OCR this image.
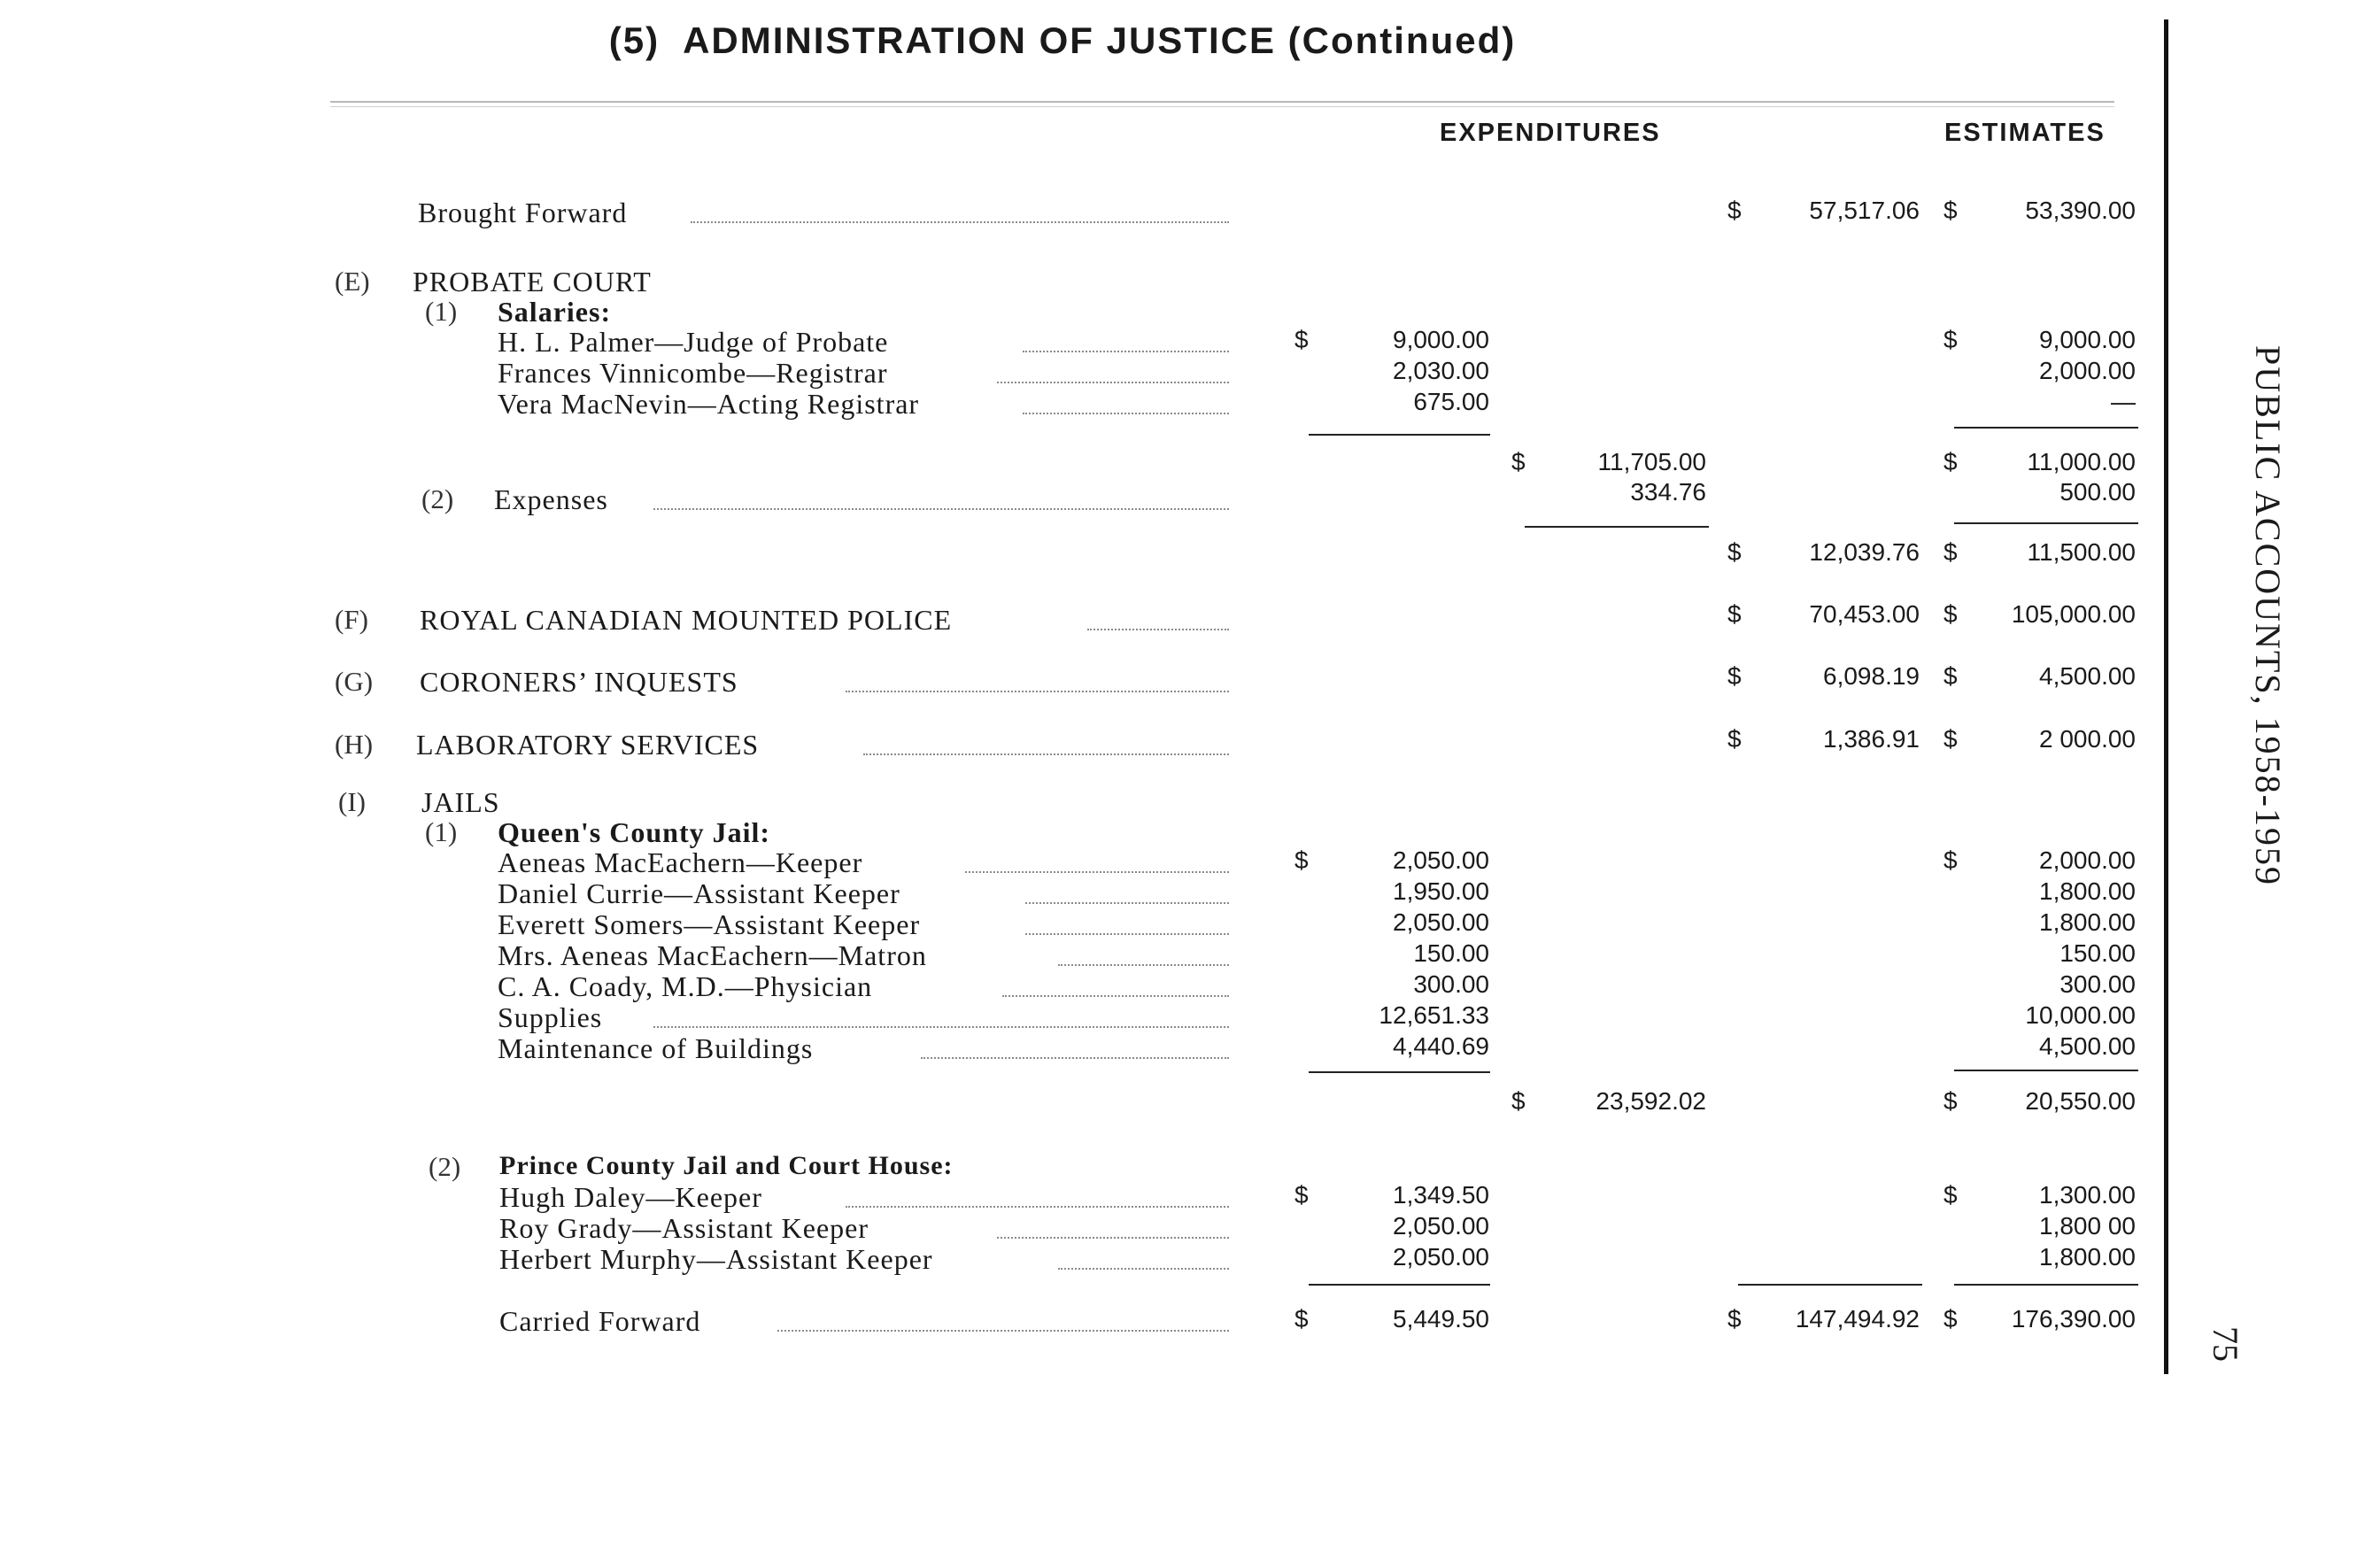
(5) ADMINISTRATION OF JUSTICE (Continued)
EXPENDITURES	ESTIMATES
PUBLIC ACCOUNTS, 1958-1959
75
Brought Forward	$	57,517.06 $	53,390.00
(E) PROBATE COURT
(1) Salaries:
H. L. Palmer—Judge of Probate	$	9,000.00	$	9,000.00
Frances Vinnicombe—Registrar	2,030.00	2,000.00
Vera MacNevin—Acting Registrar	675.00	—
$	11,705.00	$	11,000.00
(2) Expenses	334.76	500.00
$	12,039.76 $	11,500.00
(F) ROYAL CANADIAN MOUNTED POLICE	$	70,453.00 $	105,000.00
(G) CORONERS’ INQUESTS	$	6,098.19 $	4,500.00
(H) LABORATORY SERVICES	$	1,386.91 $	2 000.00
(I) JAILS
(1) Queen's County Jail:
Aeneas MacEachern—Keeper	$	2,050.00	$	2,000.00
Daniel Currie—Assistant Keeper	1,950.00	1,800.00
Everett Somers—Assistant Keeper	2,050.00	1,800.00
Mrs. Aeneas MacEachern—Matron	150.00	150.00
C. A. Coady, M.D.—Physician	300.00	300.00
Supplies	12,651.33	10,000.00
Maintenance of Buildings	4,440.69	4,500.00
$	23,592.02	$	20,550.00
(2) Prince County Jail and Court House:
Hugh Daley—Keeper	$	1,349.50	$	1,300.00
Roy Grady—Assistant Keeper	2,050.00	1,800 00
Herbert Murphy—Assistant Keeper	2,050.00	1,800.00
Carried Forward	$	5,449.50	$	147,494.92 $	176,390.00
